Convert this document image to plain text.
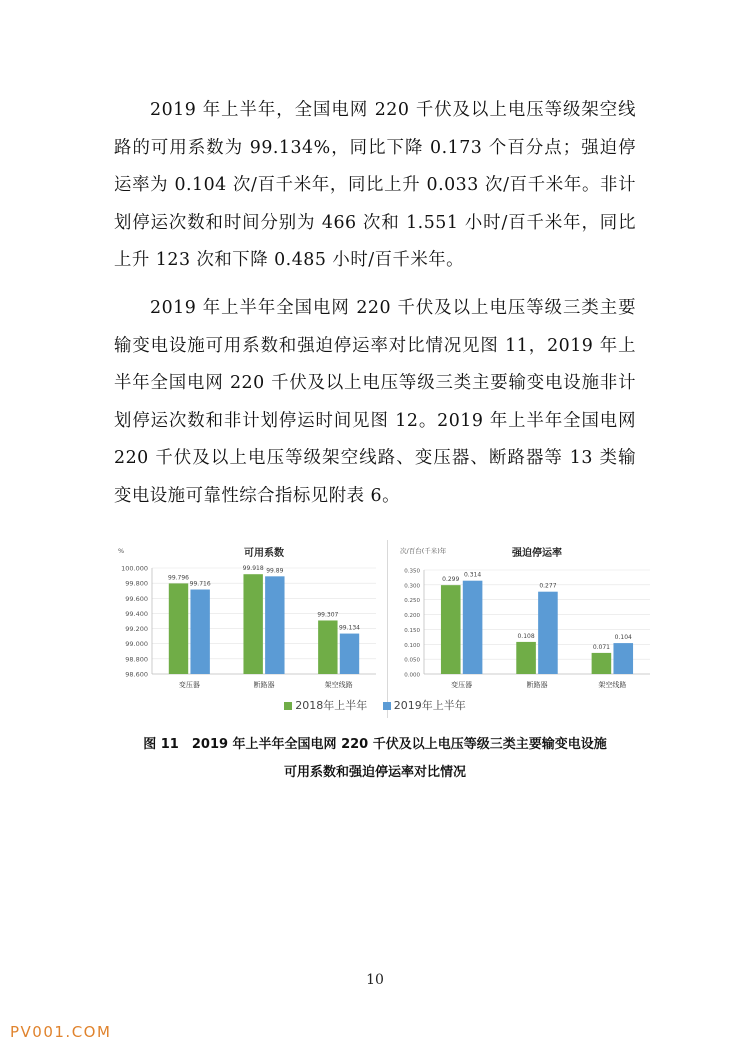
2019 年上半年，全国电网 220 千伏及以上电压等级架空线路的可用系数为 99.134%，同比下降 0.173 个百分点；强迫停运率为 0.104 次/百千米年，同比上升 0.033 次/百千米年。非计划停运次数和时间分别为 466 次和 1.551 小时/百千米年，同比上升 123 次和下降 0.485 小时/百千米年。

2019 年上半年全国电网 220 千伏及以上电压等级三类主要输变电设施可用系数和强迫停运率对比情况见图 11，2019 年上半年全国电网 220 千伏及以上电压等级三类主要输变电设施非计划停运次数和非计划停运时间见图 12。2019 年上半年全国电网 220 千伏及以上电压等级架空线路、变压器、断路器等 13 类输变电设施可靠性综合指标见附表 6。

可用系数
%
98.600
98.800
99.000
99.200
99.400
99.600
99.800
100.000
变压器
99.796
99.716
断路器
99.918 99.89
架空线路
99.307
99.134
强迫停运率
次/百台(千米)年
0.000
0.050
0.100
0.150
0.200
0.250
0.300
0.350
变压器
0.299
0.314
断路器
0.108
0.277
架空线路
0.071
0.104
2018年上半年 2019年上半年
图 11　2019 年上半年全国电网 220 千伏及以上电压等级三类主要输变电设施
可用系数和强迫停运率对比情况
10
PV001.COM
